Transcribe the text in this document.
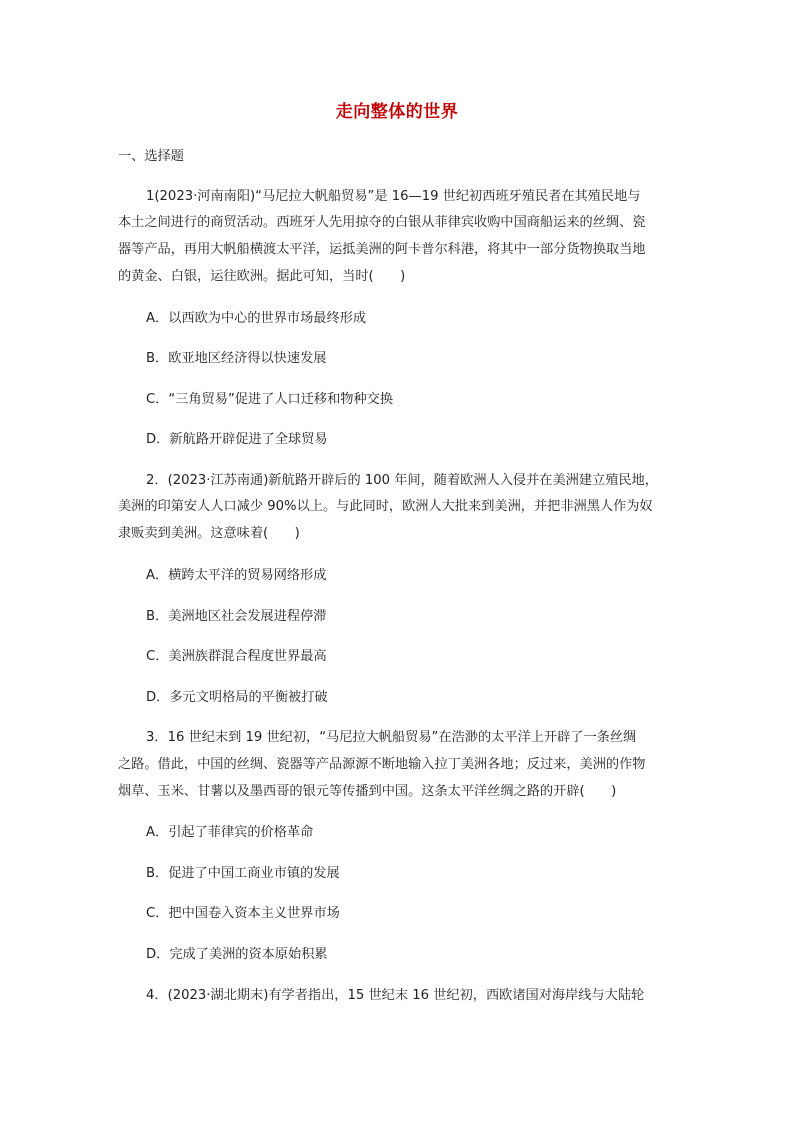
走向整体的世界
一、选择题
1(2023·河南南阳)“马尼拉大帆船贸易”是 16—19 世纪初西班牙殖民者在其殖民地与
本土之间进行的商贸活动。西班牙人先用掠夺的白银从菲律宾收购中国商船运来的丝绸、瓷
器等产品，再用大帆船横渡太平洋，运抵美洲的阿卡普尔科港，将其中一部分货物换取当地
的黄金、白银，运往欧洲。据此可知，当时(　　)
A．以西欧为中心的世界市场最终形成
B．欧亚地区经济得以快速发展
C．“三角贸易”促进了人口迁移和物种交换
D．新航路开辟促进了全球贸易
2．(2023·江苏南通)新航路开辟后的 100 年间，随着欧洲人入侵并在美洲建立殖民地，
美洲的印第安人人口减少 90%以上。与此同时，欧洲人大批来到美洲，并把非洲黑人作为奴
隶贩卖到美洲。这意味着(　　)
A．横跨太平洋的贸易网络形成
B．美洲地区社会发展进程停滞
C．美洲族群混合程度世界最高
D．多元文明格局的平衡被打破
3．16 世纪末到 19 世纪初，“马尼拉大帆船贸易”在浩渺的太平洋上开辟了一条丝绸
之路。借此，中国的丝绸、瓷器等产品源源不断地输入拉丁美洲各地；反过来，美洲的作物
烟草、玉米、甘薯以及墨西哥的银元等传播到中国。这条太平洋丝绸之路的开辟(　　)
A．引起了菲律宾的价格革命
B．促进了中国工商业市镇的发展
C．把中国卷入资本主义世界市场
D．完成了美洲的资本原始积累
4．(2023·湖北期末)有学者指出，15 世纪末 16 世纪初，西欧诸国对海岸线与大陆轮
